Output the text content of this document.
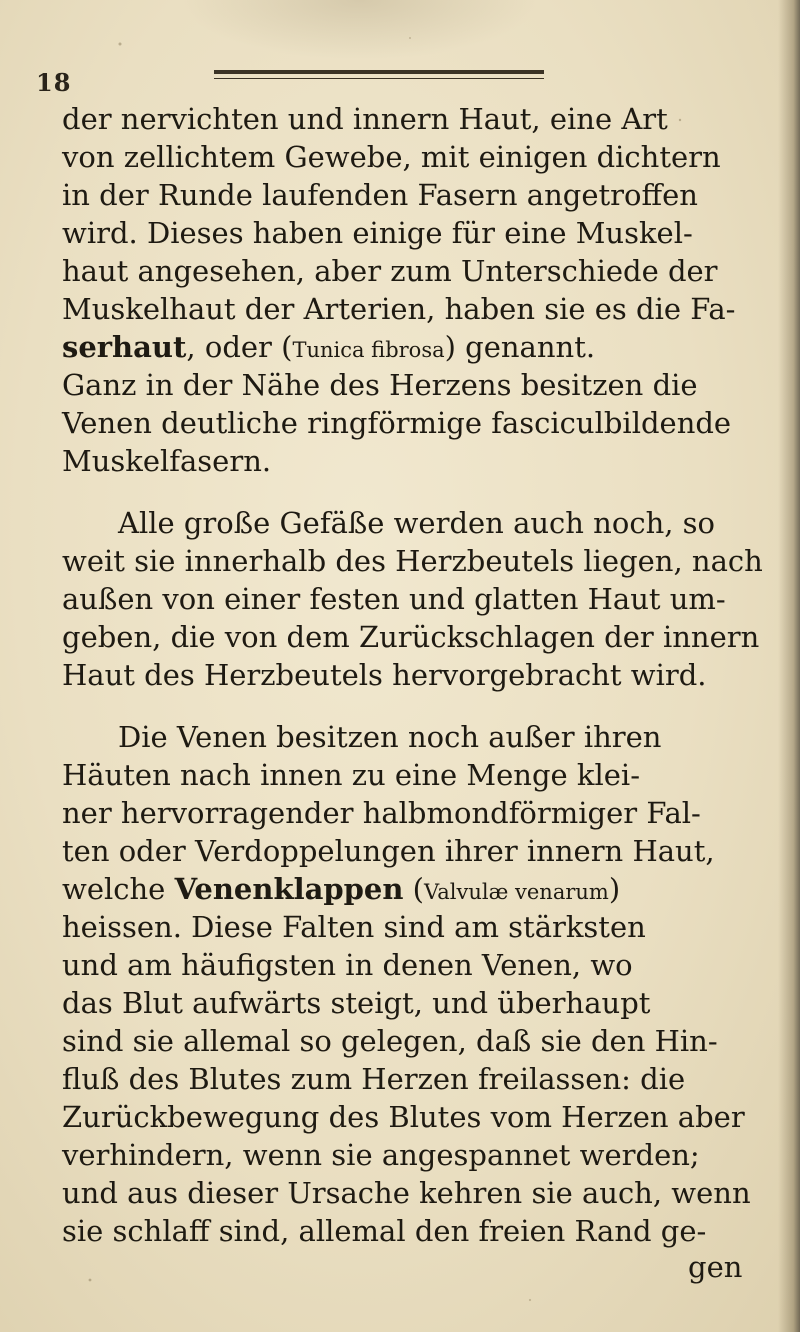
18
der nervichten und innern Haut, eine Art
von zellichtem Gewebe, mit einigen dichtern
in der Runde laufenden Fasern angetroffen
wird. Dieses haben einige für eine Muskel-
haut angesehen, aber zum Unterschiede der
Muskelhaut der Arterien, haben sie es die Fa-
serhaut, oder (Tunica fibrosa) genannt.
Ganz in der Nähe des Herzens besitzen die
Venen deutliche ringförmige fasciculbildende
Muskelfasern.
Alle große Gefäße werden auch noch, so
weit sie innerhalb des Herzbeutels liegen, nach
außen von einer festen und glatten Haut um-
geben, die von dem Zurückschlagen der innern
Haut des Herzbeutels hervorgebracht wird.
Die Venen besitzen noch außer ihren
Häuten nach innen zu eine Menge klei-
ner hervorragender halbmondförmiger Fal-
ten oder Verdoppelungen ihrer innern Haut,
welche Venenklappen (Valvulæ venarum)
heissen. Diese Falten sind am stärksten
und am häufigsten in denen Venen, wo
das Blut aufwärts steigt, und überhaupt
sind sie allemal so gelegen, daß sie den Hin-
fluß des Blutes zum Herzen freilassen: die
Zurückbewegung des Blutes vom Herzen aber
verhindern, wenn sie angespannet werden;
und aus dieser Ursache kehren sie auch, wenn
sie schlaff sind, allemal den freien Rand ge-
gen
